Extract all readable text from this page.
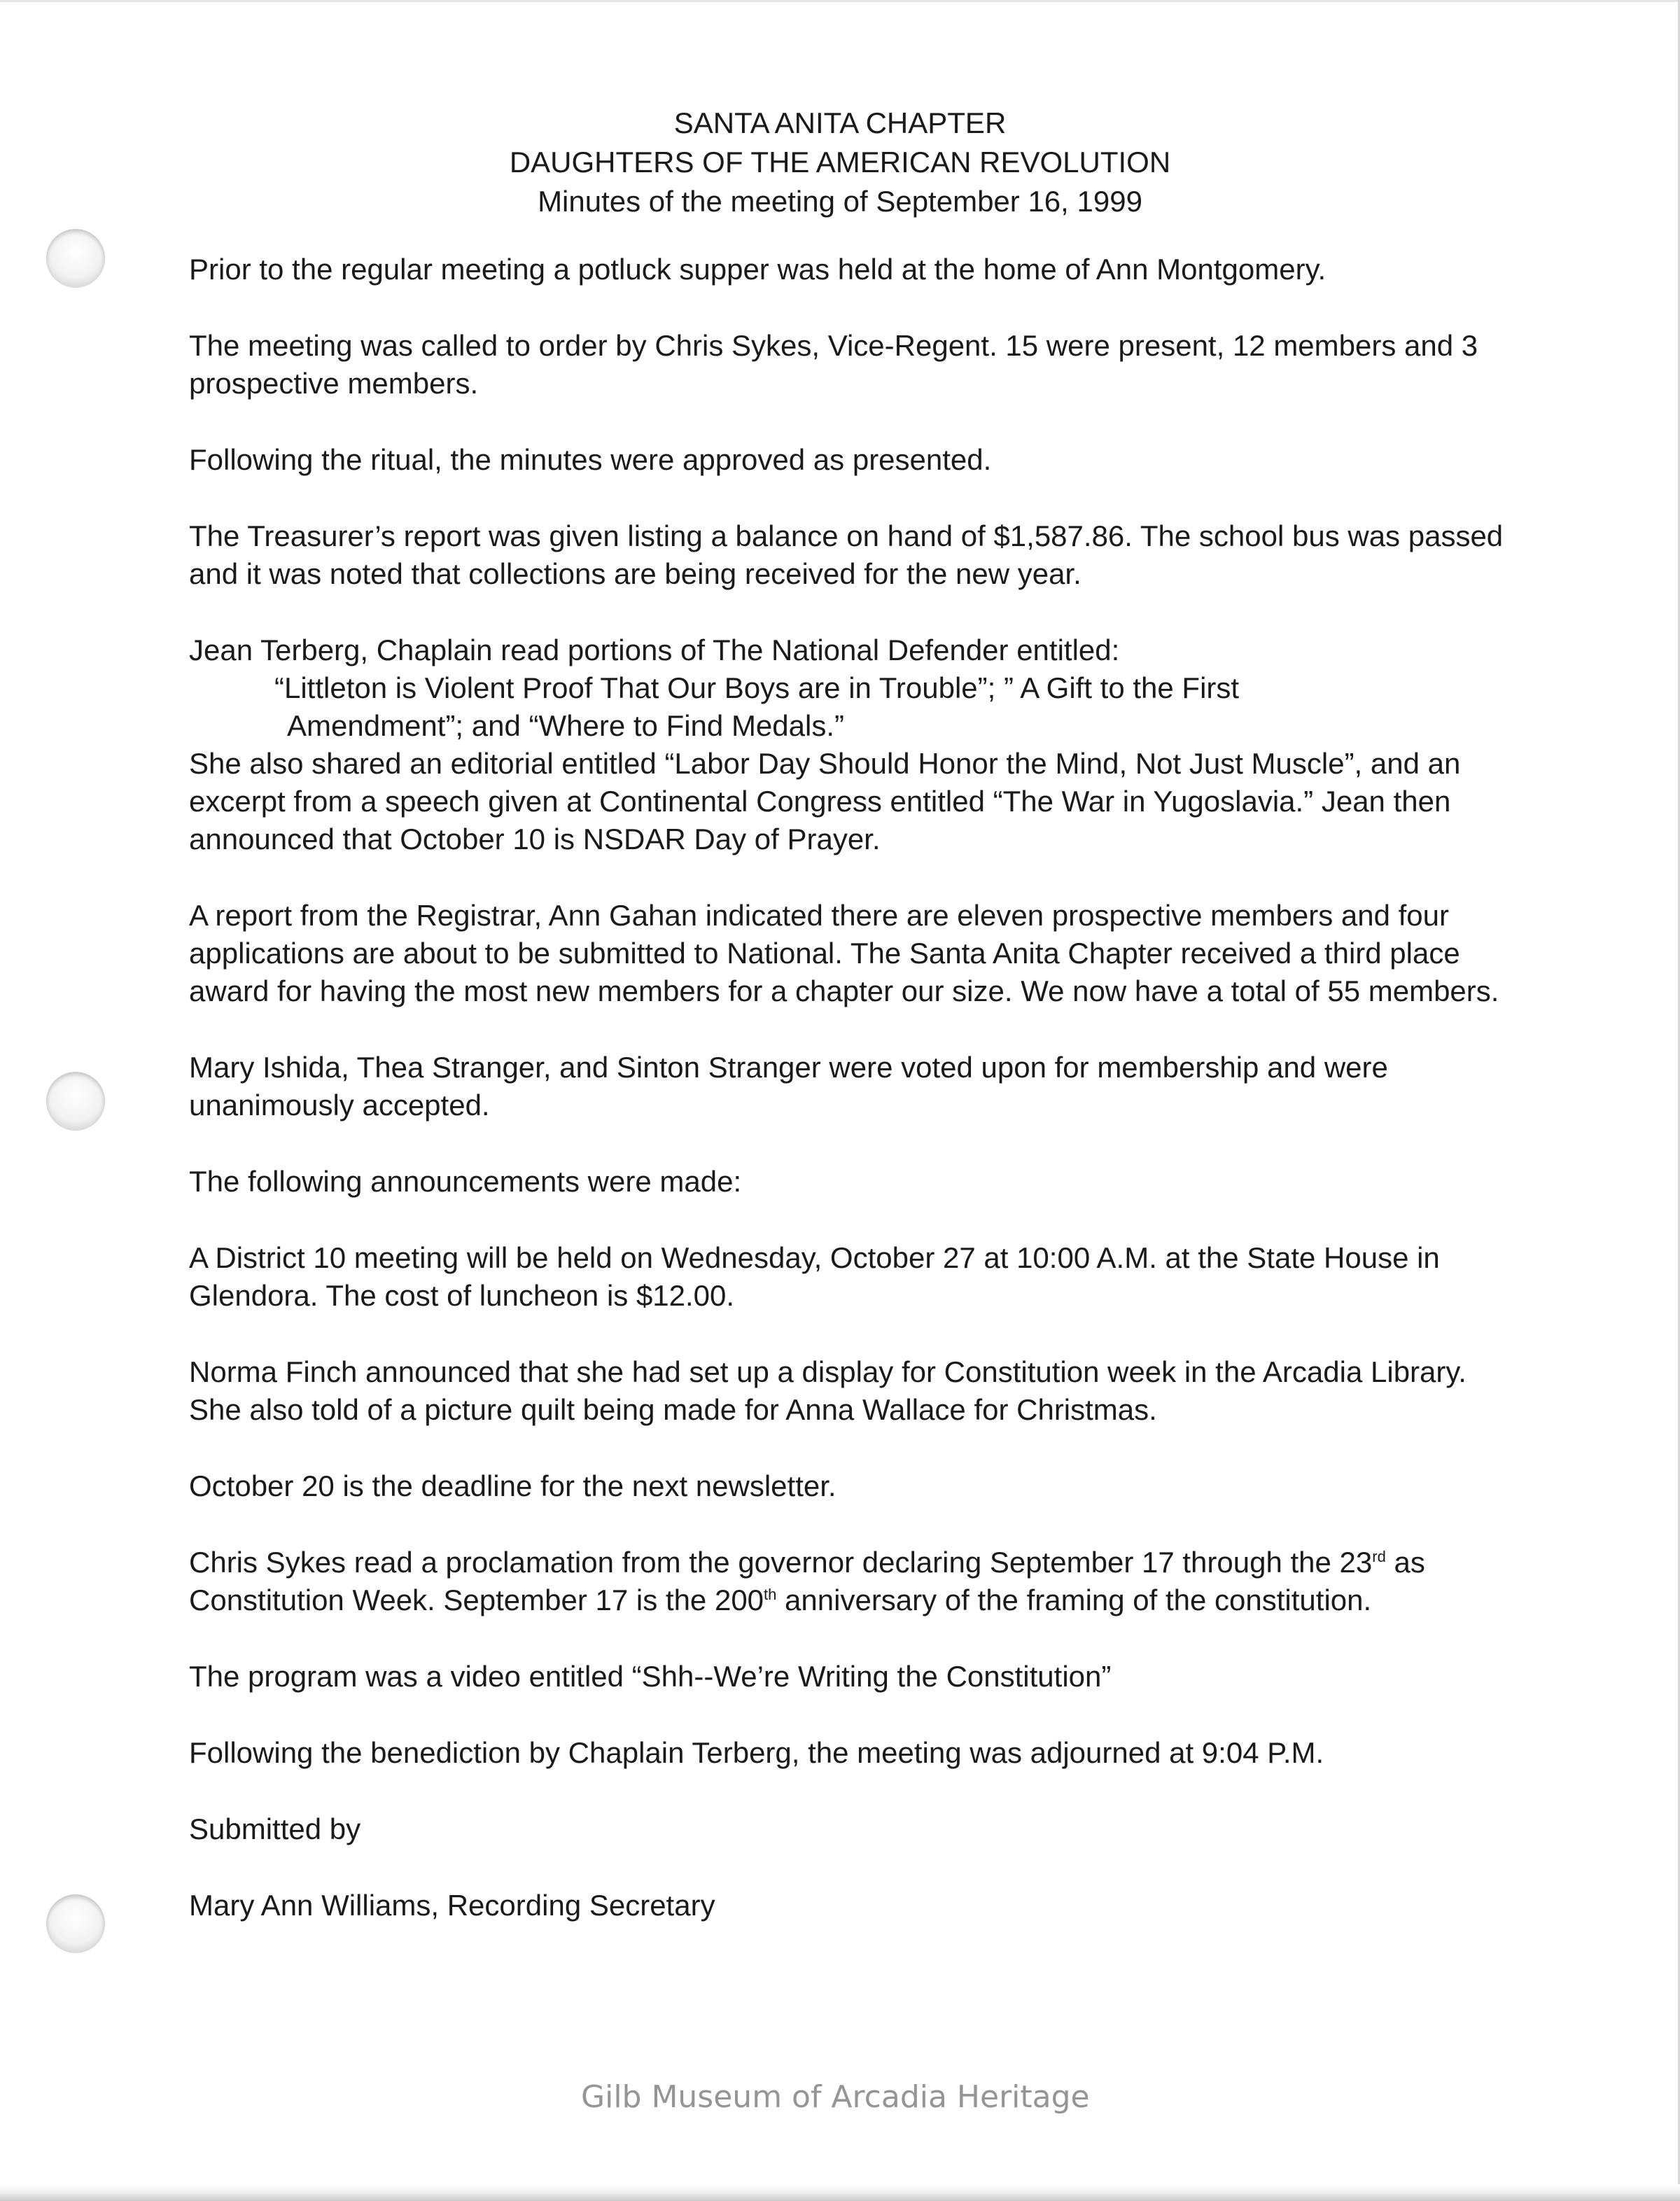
SANTA ANITA CHAPTER
DAUGHTERS OF THE AMERICAN REVOLUTION
Minutes of the meeting of September 16, 1999

Prior to the regular meeting a potluck supper was held at the home of Ann Montgomery.

The meeting was called to order by Chris Sykes, Vice-Regent. 15 were present, 12 members and 3 prospective members.

Following the ritual, the minutes were approved as presented.

The Treasurer’s report was given listing a balance on hand of $1,587.86. The school bus was passed and it was noted that collections are being received for the new year.

Jean Terberg, Chaplain read portions of The National Defender entitled:

“Littleton is Violent Proof That Our Boys are in Trouble”; ” A Gift to the First
Amendment”; and “Where to Find Medals.”

She also shared an editorial entitled “Labor Day Should Honor the Mind, Not Just Muscle”, and an excerpt from a speech given at Continental Congress entitled “The War in Yugoslavia.” Jean then announced that October 10 is NSDAR Day of Prayer.

A report from the Registrar, Ann Gahan indicated there are eleven prospective members and four applications are about to be submitted to National. The Santa Anita Chapter received a third place award for having the most new members for a chapter our size. We now have a total of 55 members.

Mary Ishida, Thea Stranger, and Sinton Stranger were voted upon for membership and were unanimously accepted.

The following announcements were made:

A District 10 meeting will be held on Wednesday, October 27 at 10:00 A.M. at the State House in Glendora. The cost of luncheon is $12.00.

Norma Finch announced that she had set up a display for Constitution week in the Arcadia Library. She also told of a picture quilt being made for Anna Wallace for Christmas.

October 20 is the deadline for the next newsletter.

Chris Sykes read a proclamation from the governor declaring September 17 through the 23rd as Constitution Week. September 17 is the 200th anniversary of the framing of the constitution.

The program was a video entitled “Shh--We’re Writing the Constitution”

Following the benediction by Chaplain Terberg, the meeting was adjourned at 9:04 P.M.

Submitted by

Mary Ann Williams, Recording Secretary

Gilb Museum of Arcadia Heritage
